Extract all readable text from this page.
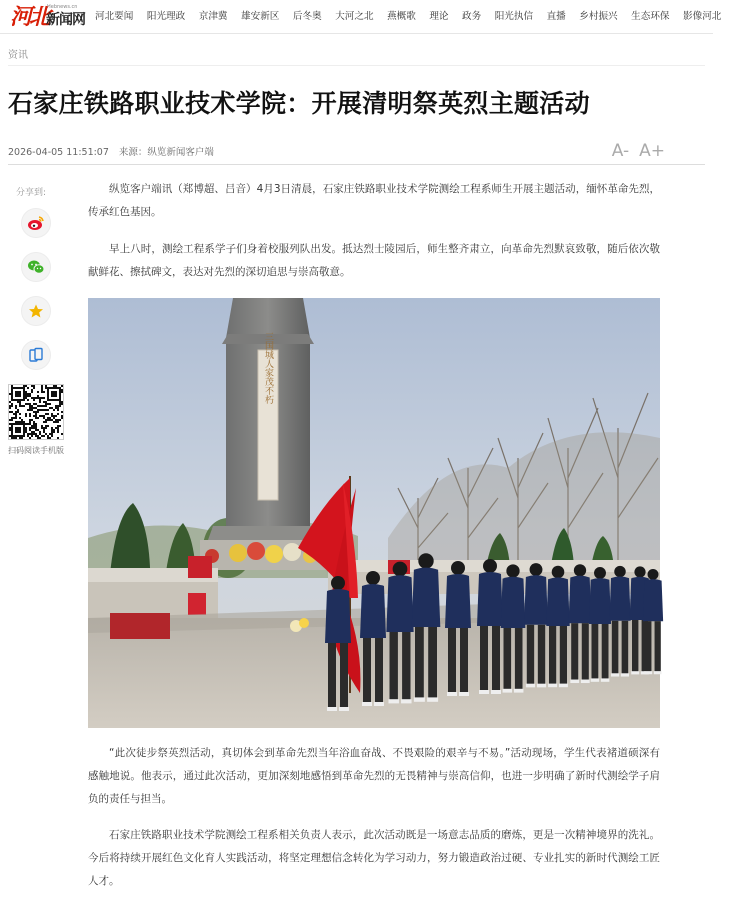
河北
Hebnews.cn
新闻网 河北要闻 阳光理政 京津冀 雄安新区 后冬奥 大河之北 燕概歌 理论 政务 阳光执信 直播 乡村振兴 生态环保 影像河北
资讯
石家庄铁路职业技术学院：开展清明祭英烈主题活动
2026-04-05 11:51:07 来源：纵览新闻客户端	A- A+
分享到:
扫码阅读手机版

纵览客户端讯（郑博超、吕音）4月3日清晨，石家庄铁路职业技术学院测绘工程系师生开展主题活动，缅怀革命先烈，传承红色基因。

早上八时，测绘工程系学子们身着校服列队出发。抵达烈士陵园后，师生整齐肃立，向革命先烈默哀致敬，随后依次敬献鲜花、擦拭碑文，表达对先烈的深切追思与崇高敬意。

三国城人家茂不朽

“此次徒步祭英烈活动，真切体会到革命先烈当年浴血奋战、不畏艰险的艰辛与不易。”活动现场，学生代表褚道硕深有感触地说。他表示，通过此次活动，更加深刻地感悟到革命先烈的无畏精神与崇高信仰，也进一步明确了新时代测绘学子肩负的责任与担当。

石家庄铁路职业技术学院测绘工程系相关负责人表示，此次活动既是一场意志品质的磨炼，更是一次精神境界的洗礼。今后将持续开展红色文化育人实践活动，将坚定理想信念转化为学习动力，努力锻造政治过硬、专业扎实的新时代测绘工匠人才。
